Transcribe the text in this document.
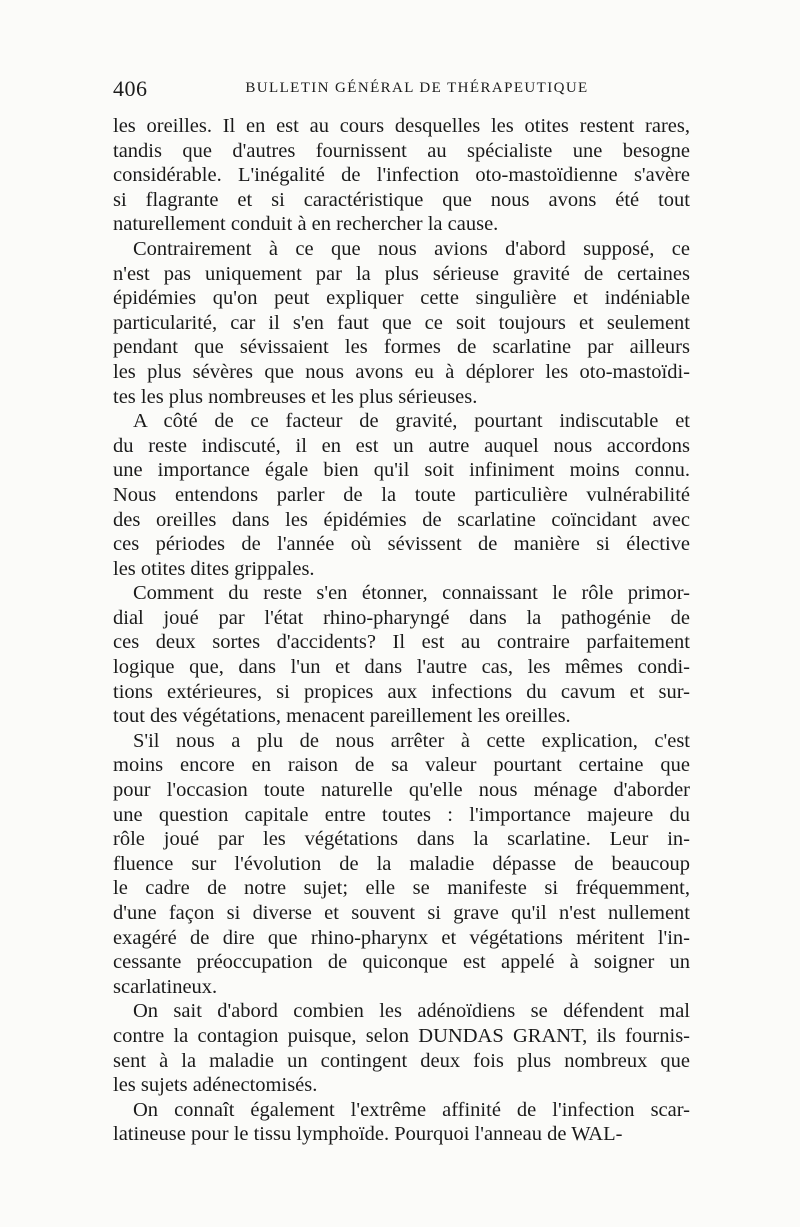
406	BULLETIN GÉNÉRAL DE THÉRAPEUTIQUE
les oreilles. Il en est au cours desquelles les otites restent rares,
tandis que d'autres fournissent au spécialiste une besogne
considérable. L'inégalité de l'infection oto-mastoïdienne s'avère
si flagrante et si caractéristique que nous avons été tout
naturellement conduit à en rechercher la cause.
Contrairement à ce que nous avions d'abord supposé, ce
n'est pas uniquement par la plus sérieuse gravité de certaines
épidémies qu'on peut expliquer cette singulière et indéniable
particularité, car il s'en faut que ce soit toujours et seulement
pendant que sévissaient les formes de scarlatine par ailleurs
les plus sévères que nous avons eu à déplorer les oto-mastoïdi-
tes les plus nombreuses et les plus sérieuses.
A côté de ce facteur de gravité, pourtant indiscutable et
du reste indiscuté, il en est un autre auquel nous accordons
une importance égale bien qu'il soit infiniment moins connu.
Nous entendons parler de la toute particulière vulnérabilité
des oreilles dans les épidémies de scarlatine coïncidant avec
ces périodes de l'année où sévissent de manière si élective
les otites dites grippales.
Comment du reste s'en étonner, connaissant le rôle primor-
dial joué par l'état rhino-pharyngé dans la pathogénie de
ces deux sortes d'accidents? Il est au contraire parfaitement
logique que, dans l'un et dans l'autre cas, les mêmes condi-
tions extérieures, si propices aux infections du cavum et sur-
tout des végétations, menacent pareillement les oreilles.
S'il nous a plu de nous arrêter à cette explication, c'est
moins encore en raison de sa valeur pourtant certaine que
pour l'occasion toute naturelle qu'elle nous ménage d'aborder
une question capitale entre toutes : l'importance majeure du
rôle joué par les végétations dans la scarlatine. Leur in-
fluence sur l'évolution de la maladie dépasse de beaucoup
le cadre de notre sujet; elle se manifeste si fréquemment,
d'une façon si diverse et souvent si grave qu'il n'est nullement
exagéré de dire que rhino-pharynx et végétations méritent l'in-
cessante préoccupation de quiconque est appelé à soigner un
scarlatineux.
On sait d'abord combien les adénoïdiens se défendent mal
contre la contagion puisque, selon DUNDAS GRANT, ils fournis-
sent à la maladie un contingent deux fois plus nombreux que
les sujets adénectomisés.
On connaît également l'extrême affinité de l'infection scar-
latineuse pour le tissu lymphoïde. Pourquoi l'anneau de WAL-
